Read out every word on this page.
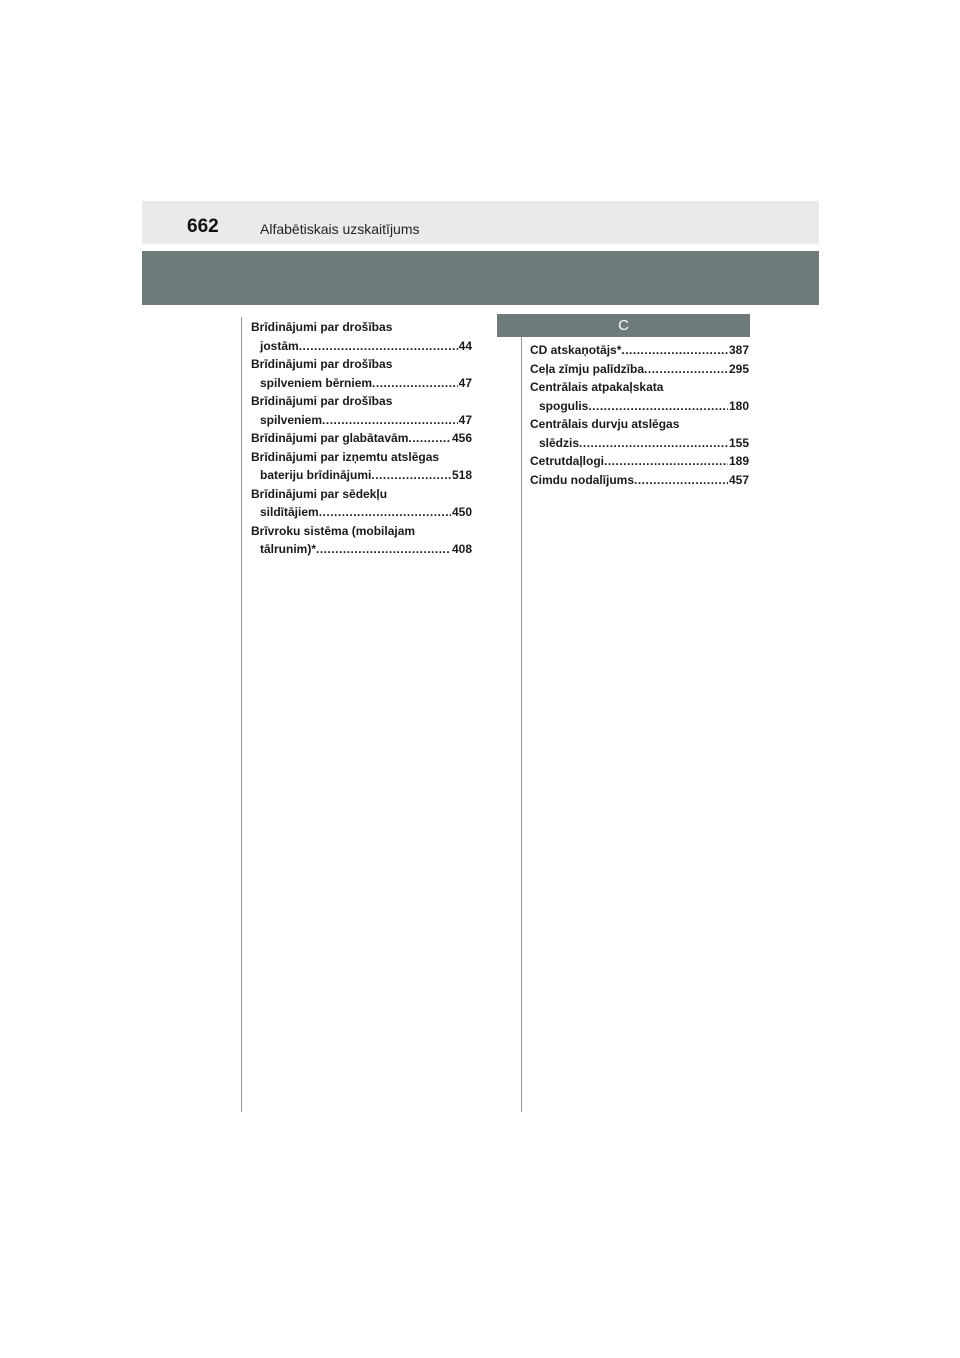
662	Alfabētiskais uzskaitījums
Brīdinājumi par drošības
jostām .....	44
Brīdinājumi par drošības
spilveniem bērniem .....	47
Brīdinājumi par drošības
spilveniem .....	47
Brīdinājumi par glabātavām .....	456
Brīdinājumi par izņemtu atslēgas
bateriju brīdinājumi .....	518
Brīdinājumi par sēdekļu
sildītājiem .....	450
Brīvroku sistēma (mobilajam
tālrunim)* .....	408
C
CD atskaņotājs* .....	387
Ceļa zīmju palīdzība .....	295
Centrālais atpakaļskata
spogulis .....	180
Centrālais durvju atslēgas
slēdzis .....	155
Cetrutdaļlogi .....	189
Cimdu nodalījums .....	457
